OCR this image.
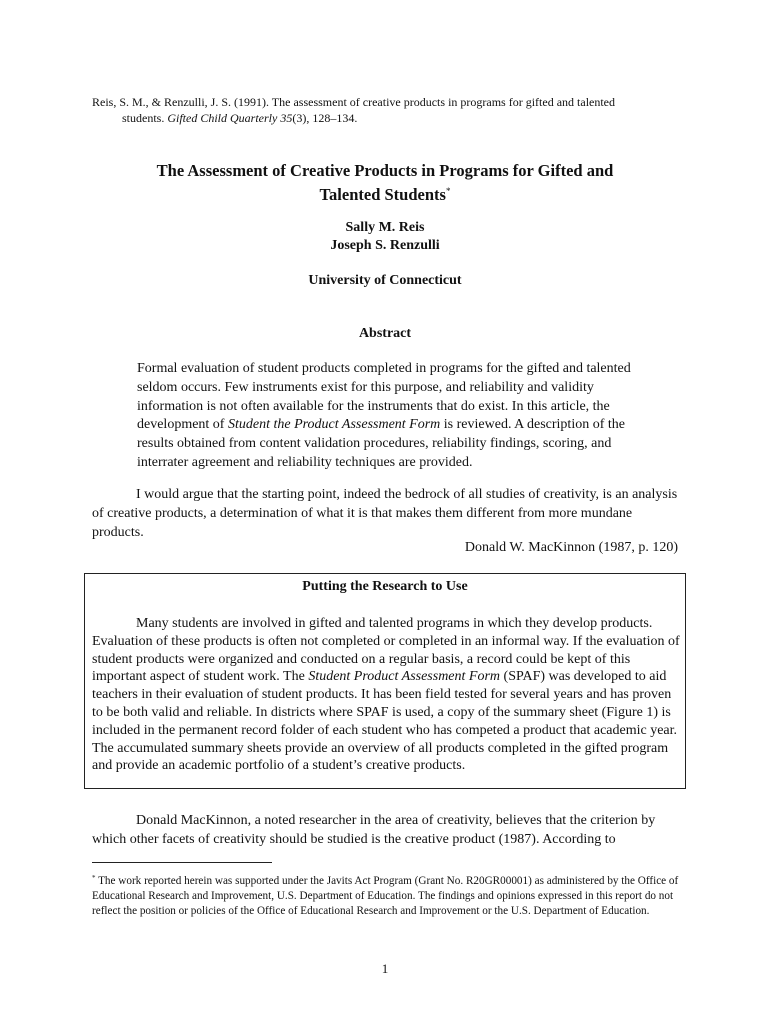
Reis, S. M., & Renzulli, J. S. (1991). The assessment of creative products in programs for gifted and talented
students. Gifted Child Quarterly 35(3), 128–134.
The Assessment of Creative Products in Programs for Gifted and
Talented Students*
Sally M. Reis
Joseph S. Renzulli
University of Connecticut
Abstract
Formal evaluation of student products completed in programs for the gifted and talented seldom occurs. Few instruments exist for this purpose, and reliability and validity information is not often available for the instruments that do exist. In this article, the development of Student the Product Assessment Form is reviewed. A description of the results obtained from content validation procedures, reliability findings, scoring, and interrater agreement and reliability techniques are provided.
I would argue that the starting point, indeed the bedrock of all studies of creativity, is an analysis of creative products, a determination of what it is that makes them different from more mundane products.
Donald W. MacKinnon (1987, p. 120)
Putting the Research to Use
Many students are involved in gifted and talented programs in which they develop products. Evaluation of these products is often not completed or completed in an informal way. If the evaluation of student products were organized and conducted on a regular basis, a record could be kept of this important aspect of student work. The Student Product Assessment Form (SPAF) was developed to aid teachers in their evaluation of student products. It has been field tested for several years and has proven to be both valid and reliable. In districts where SPAF is used, a copy of the summary sheet (Figure 1) is included in the permanent record folder of each student who has competed a product that academic year. The accumulated summary sheets provide an overview of all products completed in the gifted program and provide an academic portfolio of a student’s creative products.
Donald MacKinnon, a noted researcher in the area of creativity, believes that the criterion by which other facets of creativity should be studied is the creative product (1987). According to
* The work reported herein was supported under the Javits Act Program (Grant No. R20GR00001) as administered by the Office of Educational Research and Improvement, U.S. Department of Education. The findings and opinions expressed in this report do not reflect the position or policies of the Office of Educational Research and Improvement or the U.S. Department of Education.
1
